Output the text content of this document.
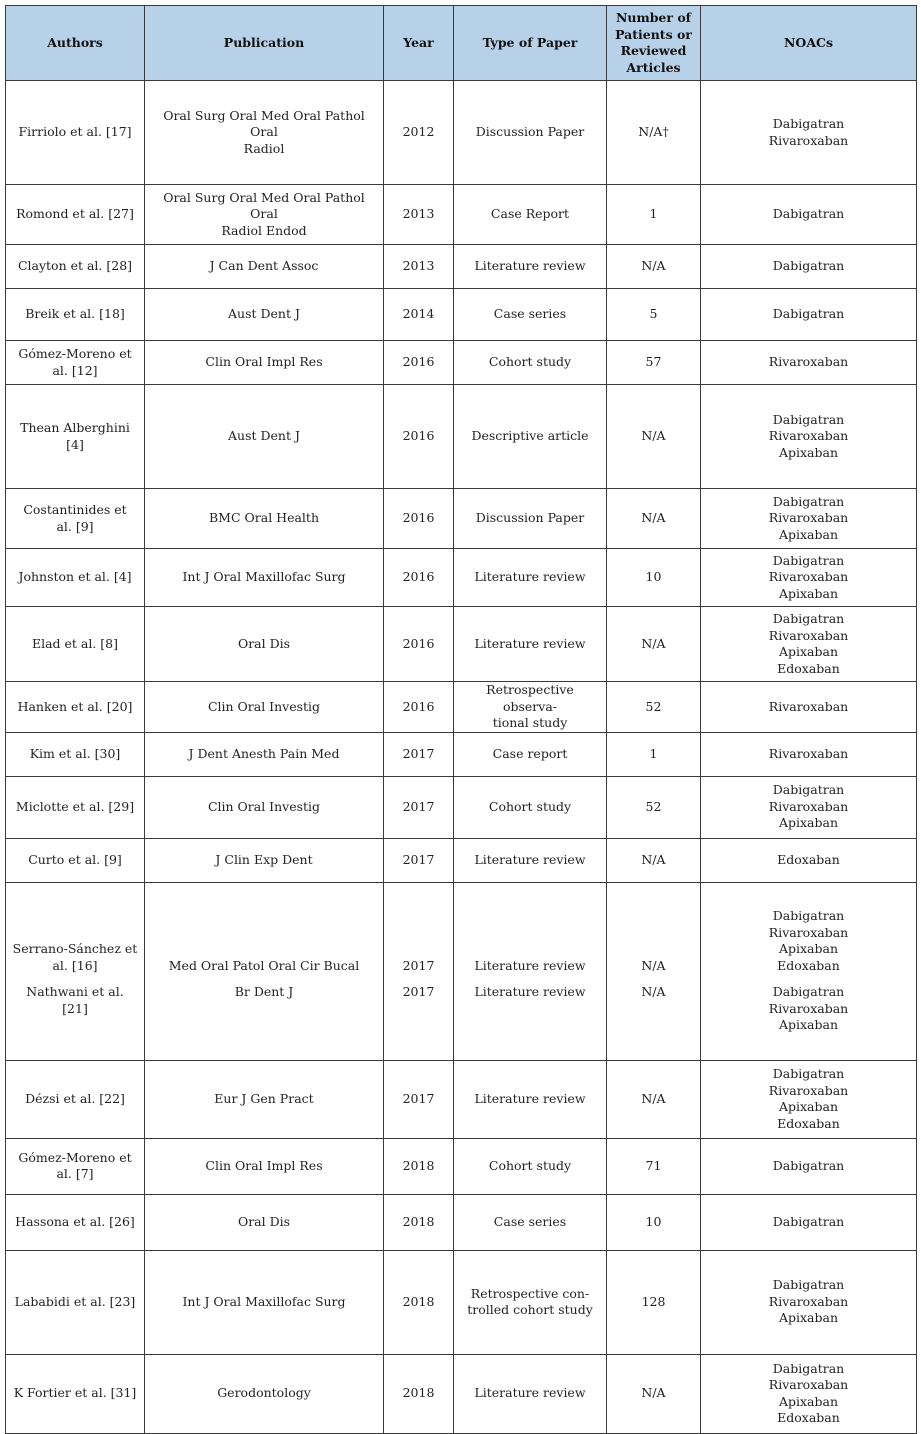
Authors	Publication	Year	Type of Paper	Number of
Patients or
Reviewed
Articles	NOACs
Firriolo et al. [17]	Oral Surg Oral Med Oral Pathol Oral
Radiol	2012	Discussion Paper	N/A†	Dabigatran
Rivaroxaban
Romond et al. [27]	Oral Surg Oral Med Oral Pathol Oral
Radiol Endod	2013	Case Report	1	Dabigatran
Clayton et al. [28]	J Can Dent Assoc	2013	Literature review	N/A	Dabigatran
Breik et al. [18]	Aust Dent J	2014	Case series	5	Dabigatran
Gómez-Moreno et
al. [12]	Clin Oral Impl Res	2016	Cohort study	57	Rivaroxaban
Thean Alberghini
[4]	Aust Dent J	2016	Descriptive article	N/A	Dabigatran
Rivaroxaban
Apixaban
Costantinides et
al. [9]	BMC Oral Health	2016	Discussion Paper	N/A	Dabigatran
Rivaroxaban
Apixaban
Johnston et al. [4]	Int J Oral Maxillofac Surg	2016	Literature review	10	Dabigatran
Rivaroxaban
Apixaban
Elad et al. [8]	Oral Dis	2016	Literature review	N/A	Dabigatran
Rivaroxaban
Apixaban
Edoxaban
Hanken et al. [20]	Clin Oral Investig	2016	Retrospective observa-
tional study	52	Rivaroxaban
Kim et al. [30]	J Dent Anesth Pain Med	2017	Case report	1	Rivaroxaban
Miclotte et al. [29]	Clin Oral Investig	2017	Cohort study	52	Dabigatran
Rivaroxaban
Apixaban
Curto et al. [9]	J Clin Exp Dent	2017	Literature review	N/A	Edoxaban
Serrano-Sánchez et
al. [16]	Med Oral Patol Oral Cir Bucal	2017	Literature review	N/A	Dabigatran
Rivaroxaban
Apixaban
Edoxaban
Nathwani et al. [21]	Br Dent J	2017	Literature review	N/A	Dabigatran
Rivaroxaban
Apixaban
Dézsi et al. [22]	Eur J Gen Pract	2017	Literature review	N/A	Dabigatran
Rivaroxaban
Apixaban
Edoxaban
Gómez-Moreno et
al. [7]	Clin Oral Impl Res	2018	Cohort study	71	Dabigatran
Hassona et al. [26]	Oral Dis	2018	Case series	10	Dabigatran
Lababidi et al. [23]	Int J Oral Maxillofac Surg	2018	Retrospective con-
trolled cohort study	128	Dabigatran
Rivaroxaban
Apixaban
K Fortier et al. [31]	Gerodontology	2018	Literature review	N/A	Dabigatran
Rivaroxaban
Apixaban
Edoxaban
